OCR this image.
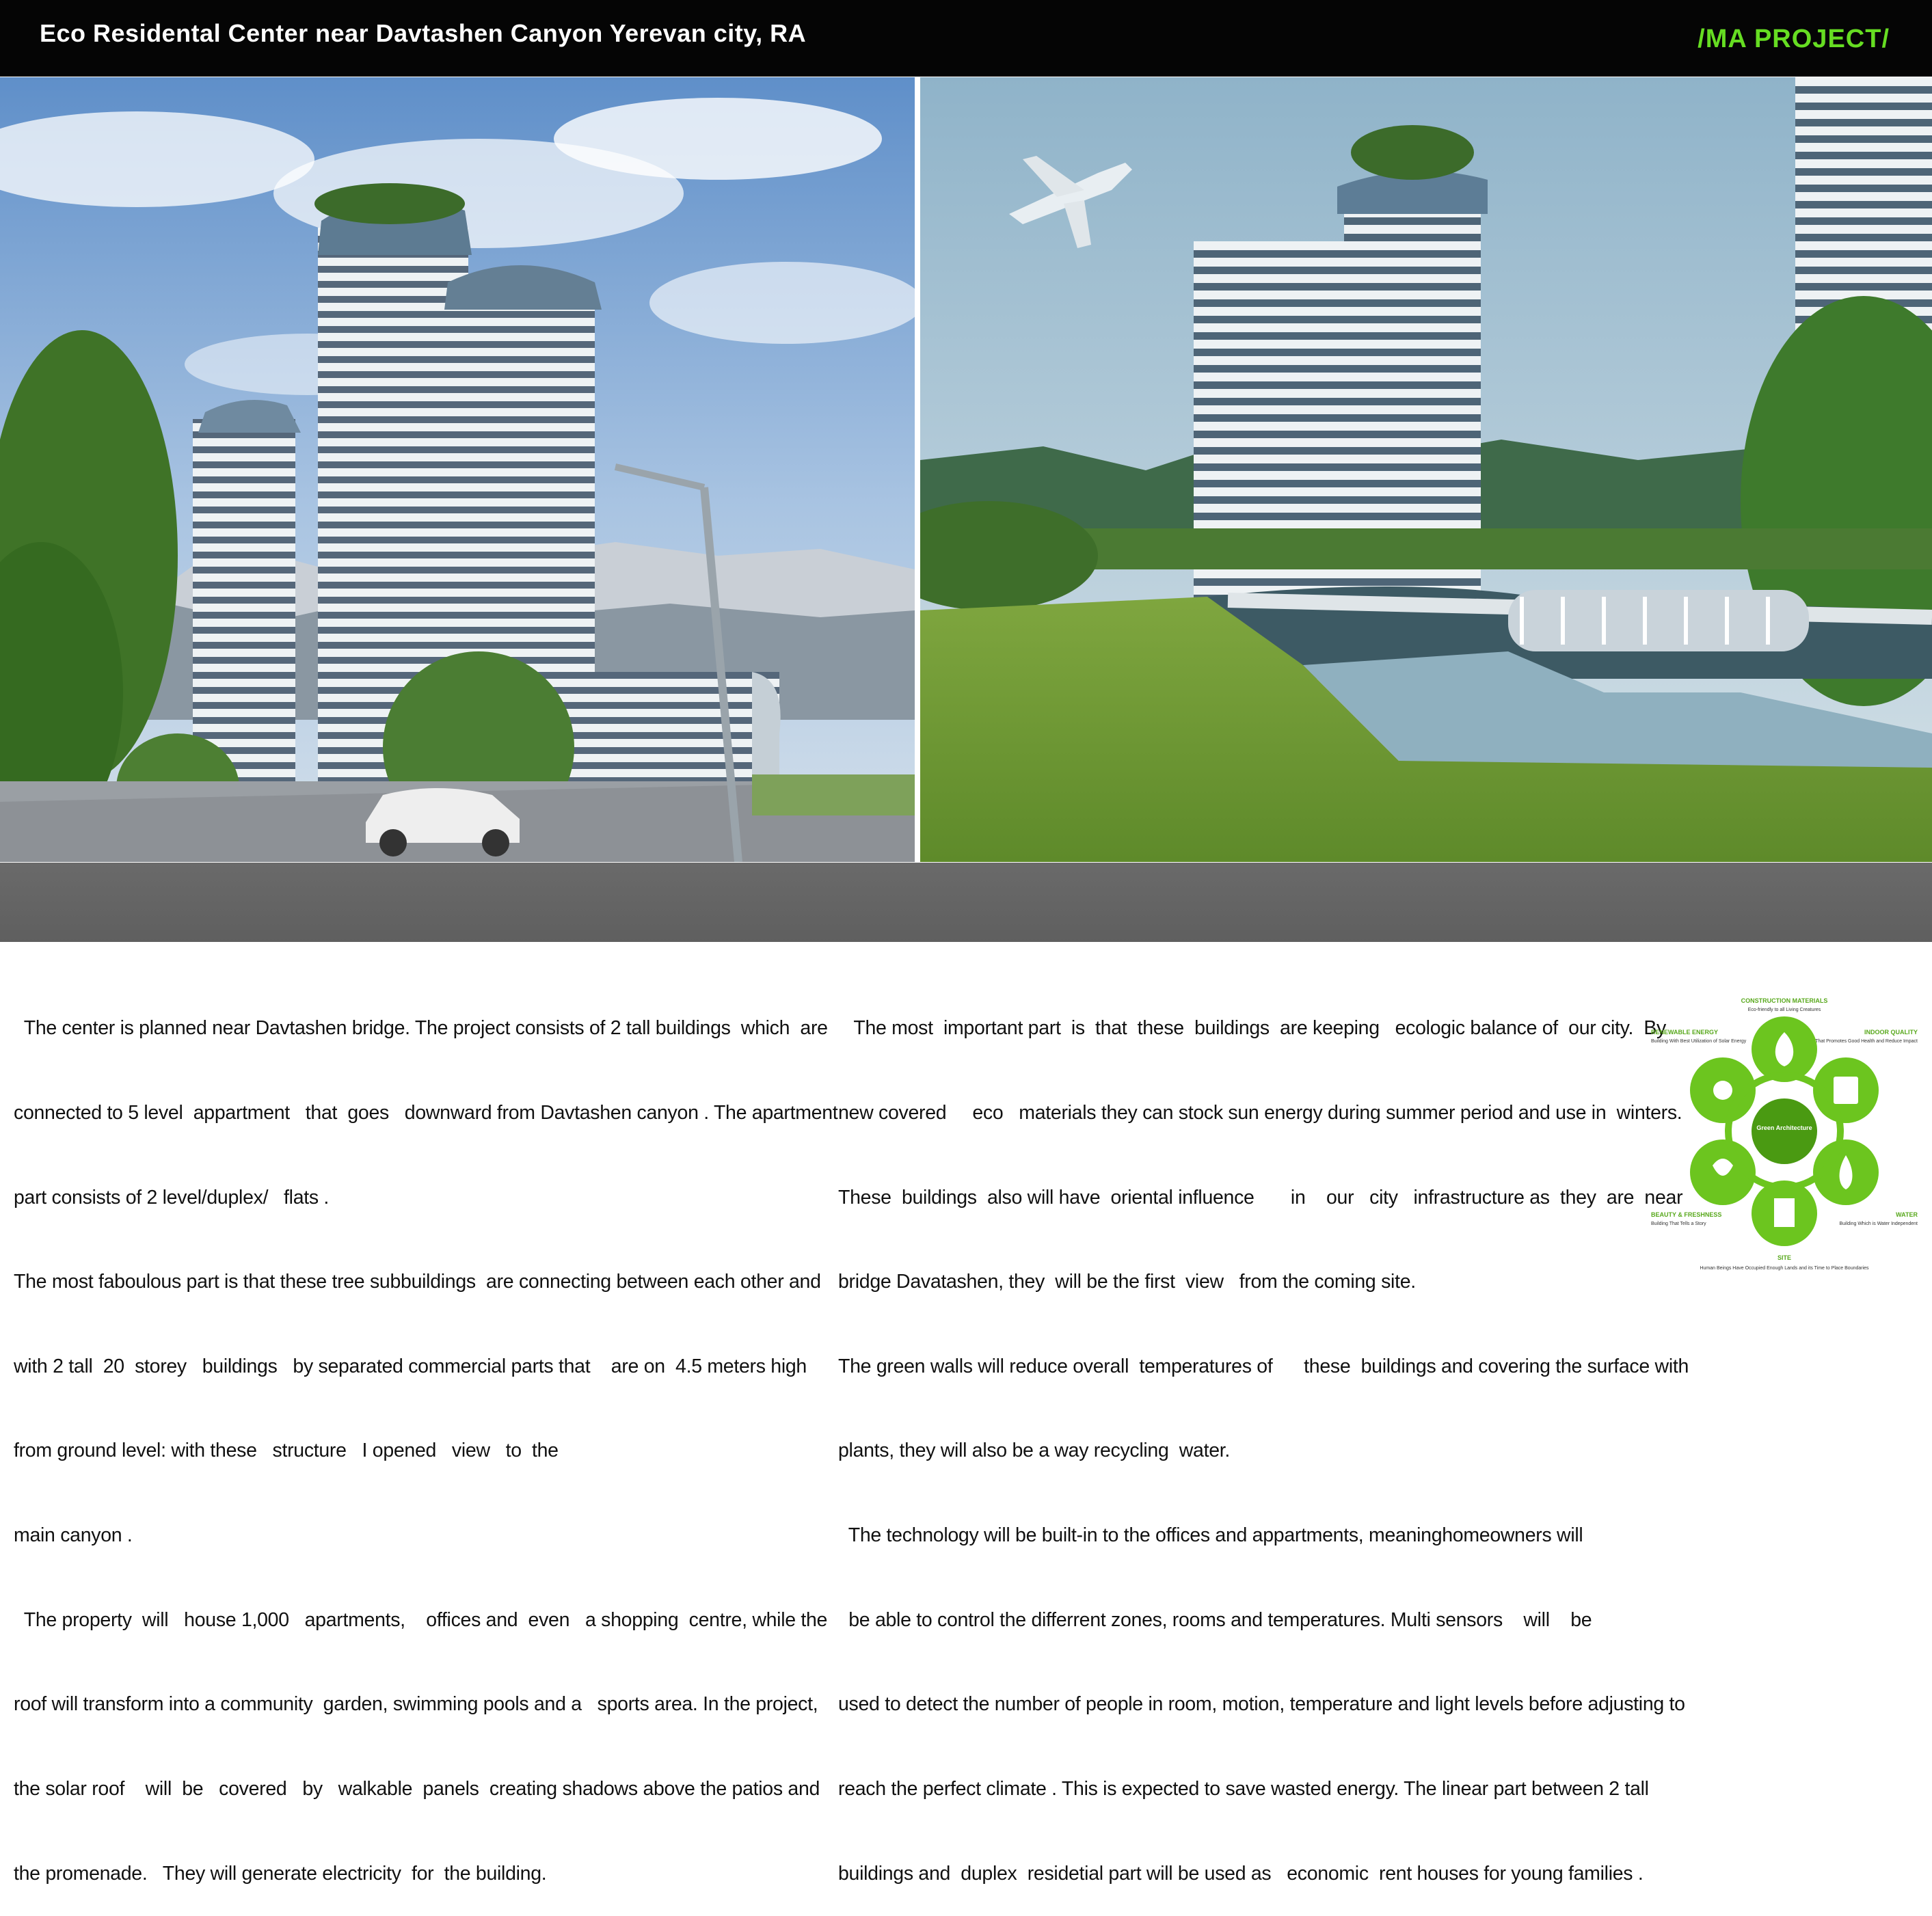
Eco Residental Center near Davtashen Canyon Yerevan city, RA	/MA PROJECT/

The center is planned near Davtashen bridge. The project consists of 2 tall buildings  which  are

connected to 5 level  appartment   that  goes   downward from Davtashen canyon . The apartment

part consists of 2 level/duplex/   flats .

The most faboulous part is that these tree subbuildings  are connecting between each other and

with 2 tall  20  storey   buildings   by separated commercial parts that    are on  4.5 meters high

from ground level: with these   structure   I opened   view   to  the

main canyon .

The property  will   house 1,000   apartments,    offices and  even   a shopping  centre, while the

roof will transform into a community  garden, swimming pools and a   sports area. In the project,

the solar roof    will  be   covered   by   walkable  panels  creating shadows above the patios and

the promenade.   They will generate electricity  for  the building.

The most  important part  is  that  these  buildings  are keeping   ecologic balance of  our city.  By

new covered     eco   materials they can stock sun energy during summer period and use in  winters.

These  buildings  also will have  oriental influence       in    our   city   infrastructure as  they  are  near

bridge Davatashen, they  will be the first  view   from the coming site.

The green walls will reduce overall  temperatures of      these  buildings and covering the surface with

plants, they will also be a way recycling  water.

The technology will be built-in to the offices and appartments, meaninghomeowners will

be able to control the differrent zones, rooms and temperatures. Multi sensors    will    be

used to detect the number of people in room, motion, temperature and light levels before adjusting to

reach the perfect climate . This is expected to save wasted energy. The linear part between 2 tall

buildings and  duplex  residetial part will be used as   economic  rent houses for young families .

Green Architecture
CONSTRUCTION MATERIALS
Eco-friendly to all Living Creatures
RENEWABLE ENERGY
Building With Best Utilization of Solar Energy
INDOOR QUALITY
That Promotes Good Health and Reduce Impact
BEAUTY & FRESHNESS
Building That Tells a Story
WATER
Building Which is Water Independent
SITE
Human Beings Have Occupied Enough Lands and its Time to Place Boundaries
